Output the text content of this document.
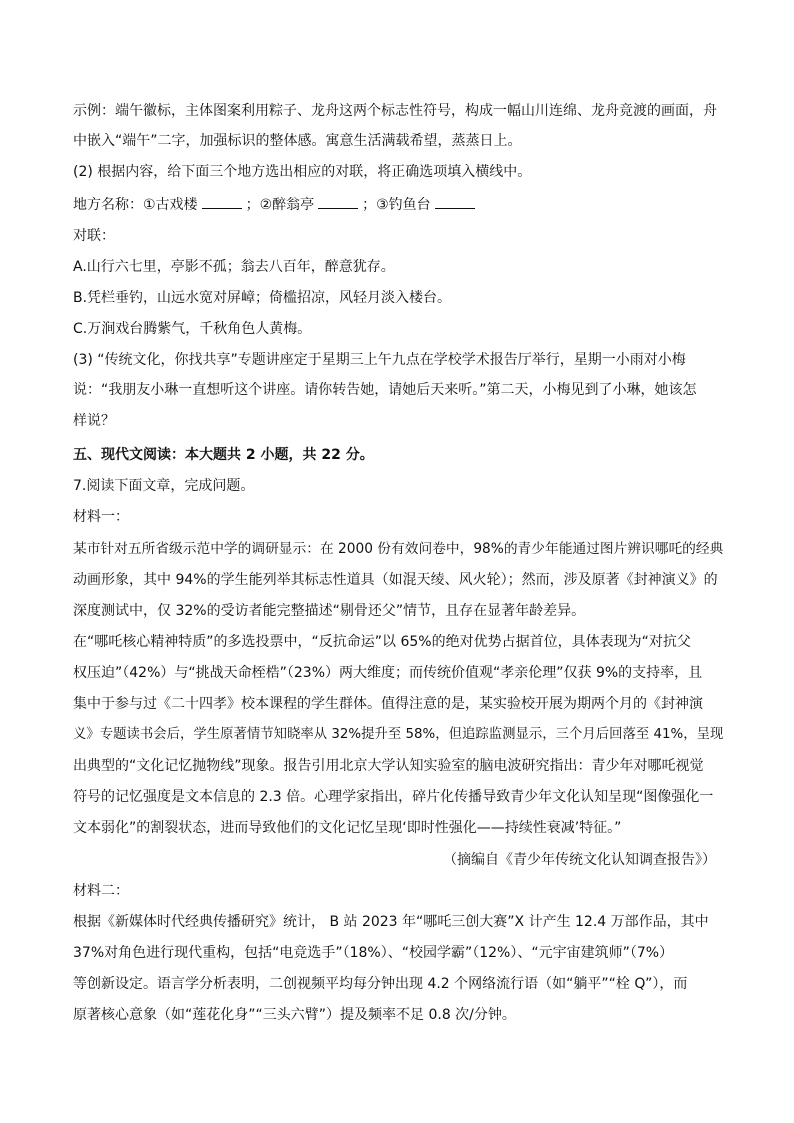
示例：端午徽标，主体图案利用粽子、龙舟这两个标志性符号，构成一幅山川连绵、龙舟竞渡的画面，舟
中嵌入“端午”二字，加强标识的整体感。寓意生活满载希望，蒸蒸日上。
(2) 根据内容，给下面三个地方选出相应的对联，将正确选项填入横线中。
地方名称：①古戏楼	；②醉翁亭	；③钓鱼台
对联：
A.山行六七里，亭影不孤；翁去八百年，醉意犹存。
B.凭栏垂钓，山远水宽对屏嶂；倚槛招凉，风轻月淡入楼台。
C.万涧戏台腾紫气，千秋角色人黄梅。
(3) “传统文化，你找共享”专题讲座定于星期三上午九点在学校学术报告厅举行，星期一小雨对小梅
说：“我朋友小琳一直想听这个讲座。请你转告她，请她后天来听。”第二天，小梅见到了小琳，她该怎
样说？
五、现代文阅读：本大题共 2 小题，共 22 分。
7.阅读下面文章，完成问题。
材料一：
某市针对五所省级示范中学的调研显示：在 2000 份有效问卷中，98%的青少年能通过图片辨识哪吒的经典
动画形象，其中 94%的学生能列举其标志性道具（如混天绫、风火轮）；然而，涉及原著《封神演义》的
深度测试中，仅 32%的受访者能完整描述“剔骨还父”情节，且存在显著年龄差异。
在“哪吒核心精神特质”的多选投票中，“反抗命运”以 65%的绝对优势占据首位，具体表现为“对抗父
权压迫”（42%）与“挑战天命桎梏”（23%）两大维度；而传统价值观“孝亲伦理”仅获 9%的支持率，且
集中于参与过《二十四孝》校本课程的学生群体。值得注意的是，某实验校开展为期两个月的《封神演
义》专题读书会后，学生原著情节知晓率从 32%提升至 58%，但追踪监测显示，三个月后回落至 41%，呈现
出典型的“文化记忆抛物线”现象。报告引用北京大学认知实验室的脑电波研究指出：青少年对哪吒视觉
符号的记忆强度是文本信息的 2.3 倍。心理学家指出，碎片化传播导致青少年文化认知呈现“图像强化一
文本弱化”的割裂状态，进而导致他们的文化记忆呈现‘即时性强化——持续性衰减’特征。”
（摘编自《青少年传统文化认知调查报告》）
材料二：
根据《新媒体时代经典传播研究》统计， B 站 2023 年“哪吒三创大赛”X 计产生 12.4 万部作品，其中
37%对角色进行现代重构，包括“电竞选手”（18%）、“校园学霸”（12%）、“元宇宙建筑师”（7%）
等创新设定。语言学分析表明，二创视频平均每分钟出现 4.2 个网络流行语（如“躺平”“栓 Q”），而
原著核心意象（如“莲花化身”“三头六臂”）提及频率不足 0.8 次/分钟。
